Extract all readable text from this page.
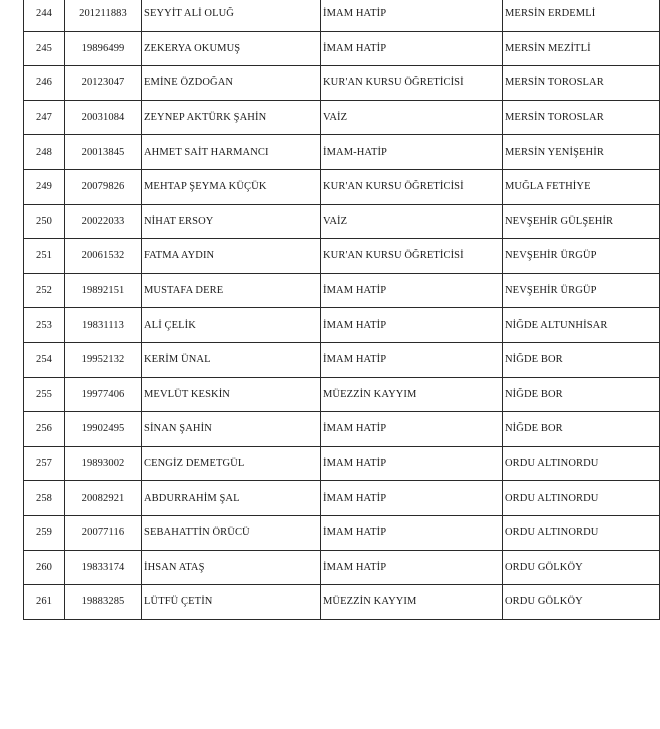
244	201211883	SEYYİT ALİ OLUĞ	İMAM HATİP	MERSİN ERDEMLİ
245	19896499	ZEKERYA OKUMUŞ	İMAM HATİP	MERSİN MEZİTLİ
246	20123047	EMİNE ÖZDOĞAN	KUR'AN KURSU ÖĞRETİCİSİ	MERSİN TOROSLAR
247	20031084	ZEYNEP AKTÜRK ŞAHİN	VAİZ	MERSİN TOROSLAR
248	20013845	AHMET SAİT HARMANCI	İMAM-HATİP	MERSİN YENİŞEHİR
249	20079826	MEHTAP ŞEYMA KÜÇÜK	KUR'AN KURSU ÖĞRETİCİSİ	MUĞLA FETHİYE
250	20022033	NİHAT ERSOY	VAİZ	NEVŞEHİR GÜLŞEHİR
251	20061532	FATMA AYDIN	KUR'AN KURSU ÖĞRETİCİSİ	NEVŞEHİR ÜRGÜP
252	19892151	MUSTAFA DERE	İMAM HATİP	NEVŞEHİR ÜRGÜP
253	19831113	ALİ ÇELİK	İMAM HATİP	NİĞDE ALTUNHİSAR
254	19952132	KERİM ÜNAL	İMAM HATİP	NİĞDE BOR
255	19977406	MEVLÜT KESKİN	MÜEZZİN KAYYIM	NİĞDE BOR
256	19902495	SİNAN ŞAHİN	İMAM HATİP	NİĞDE BOR
257	19893002	CENGİZ DEMETGÜL	İMAM HATİP	ORDU ALTINORDU
258	20082921	ABDURRAHİM ŞAL	İMAM HATİP	ORDU ALTINORDU
259	20077116	SEBAHATTİN ÖRÜCÜ	İMAM HATİP	ORDU ALTINORDU
260	19833174	İHSAN ATAŞ	İMAM HATİP	ORDU GÖLKÖY
261	19883285	LÜTFÜ ÇETİN	MÜEZZİN KAYYIM	ORDU GÖLKÖY
